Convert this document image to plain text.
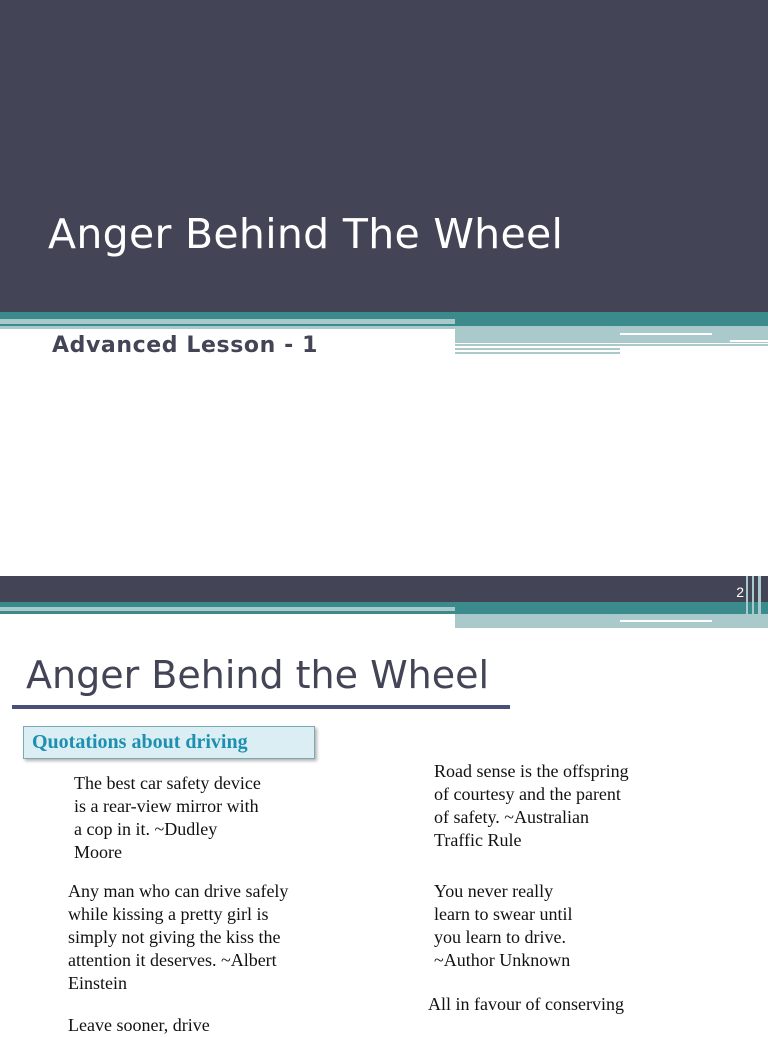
Anger Behind The Wheel
Advanced Lesson - 1
2
Anger Behind the Wheel
Quotations about driving

The best car safety device
is a rear-view mirror with
a cop in it. ~Dudley
Moore

Road sense is the offspring
of courtesy and the parent
of safety. ~Australian
Traffic Rule

Any man who can drive safely
while kissing a pretty girl is
simply not giving the kiss the
attention it deserves. ~Albert
Einstein

You never really
learn to swear until
you learn to drive.
~Author Unknown

All in favour of conserving

Leave sooner, drive
